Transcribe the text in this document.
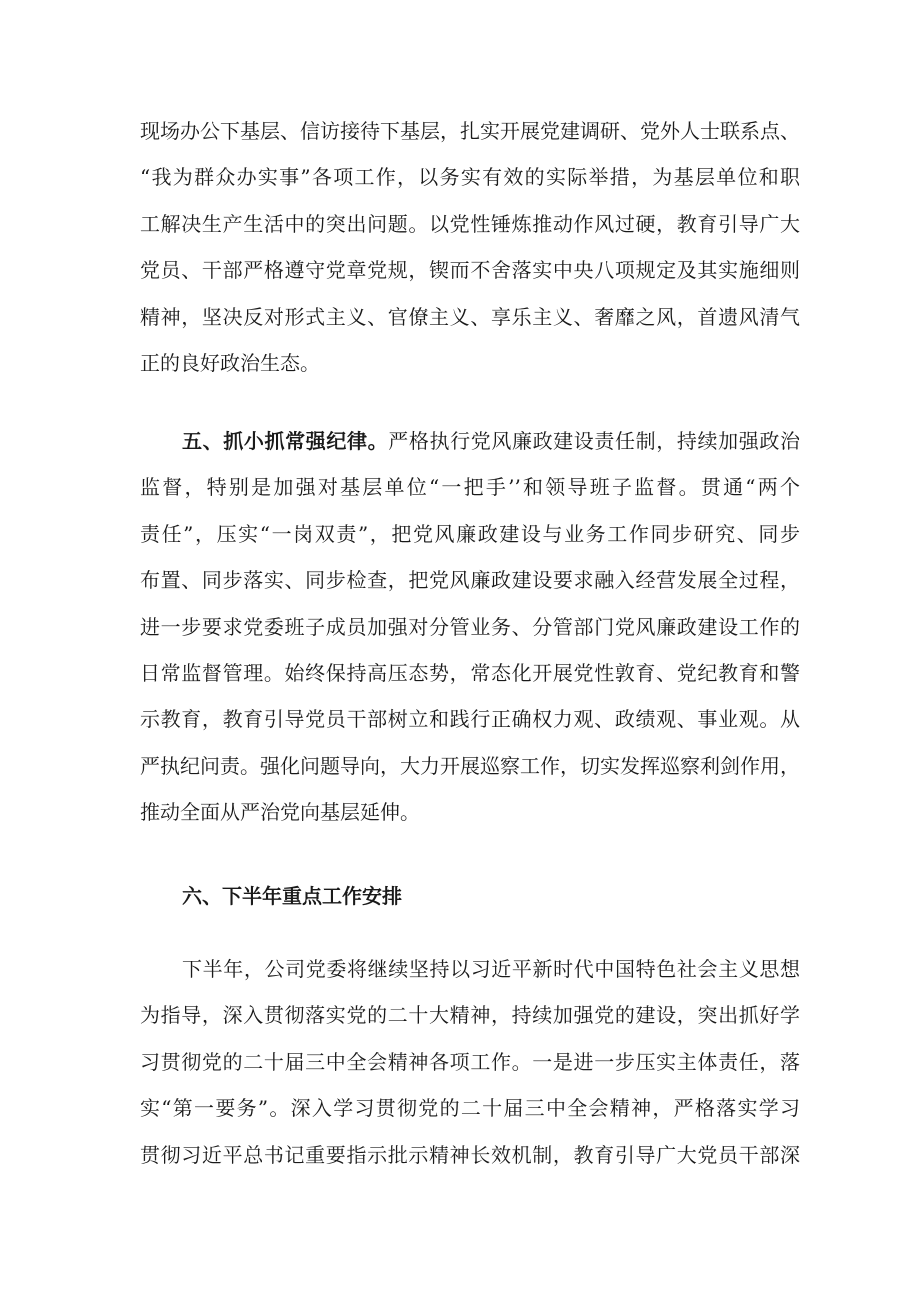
现场办公下基层、信访接待下基层，扎实开展党建调研、党外人士联系点、
“我为群众办实事”各项工作，以务实有效的实际举措，为基层单位和职
工解决生产生活中的突出问题。以党性锤炼推动作风过硬，教育引导广大
党员、干部严格遵守党章党规，锲而不舍落实中央八项规定及其实施细则
精神，坚决反对形式主义、官僚主义、享乐主义、奢靡之风，首遗风清气
正的良好政治生态。
五、抓小抓常强纪律。严格执行党风廉政建设责任制，持续加强政治
监督，特别是加强对基层单位“一把手’’和领导班子监督。贯通“两个
责任”，压实“一岗双责”，把党风廉政建设与业务工作同步研究、同步
布置、同步落实、同步检查，把党风廉政建设要求融入经营发展全过程，
进一步要求党委班子成员加强对分管业务、分管部门党风廉政建设工作的
日常监督管理。始终保持高压态势，常态化开展党性敦育、党纪教育和警
示教育，教育引导党员干部树立和践行正确权力观、政绩观、事业观。从
严执纪问责。强化问题导向，大力开展巡察工作，切实发挥巡察利剑作用，
推动全面从严治党向基层延伸。
六、下半年重点工作安排
下半年，公司党委将继续坚持以习近平新时代中国特色社会主义思想
为指导，深入贯彻落实党的二十大精神，持续加强党的建设，突出抓好学
习贯彻党的二十届三中全会精神各项工作。一是进一步压实主体责任，落
实“第一要务”。深入学习贯彻党的二十届三中全会精神，严格落实学习
贯彻习近平总书记重要指示批示精神长效机制，教育引导广大党员干部深
